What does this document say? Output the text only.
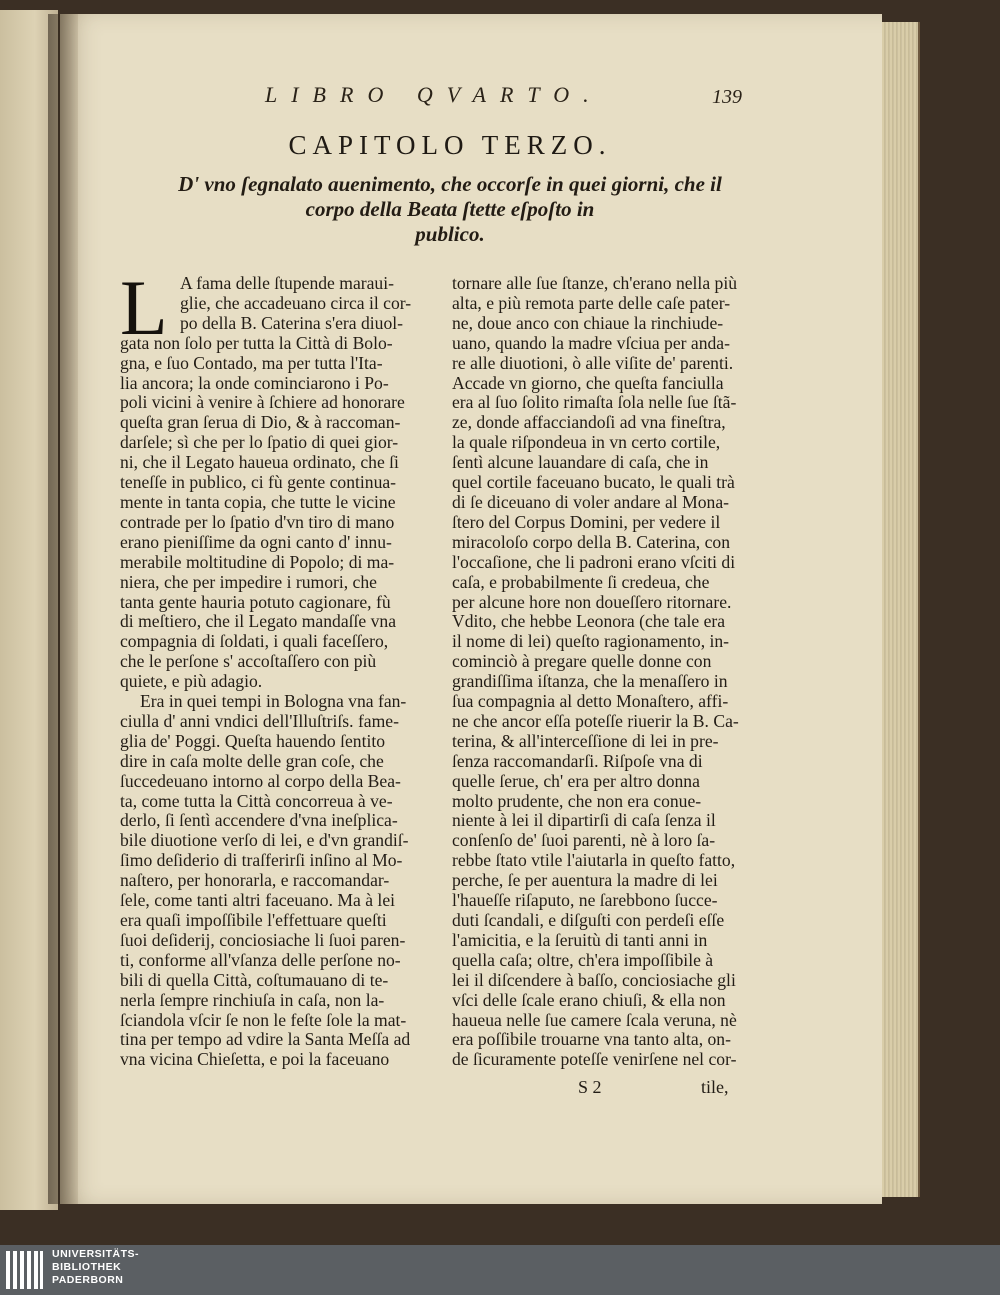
LIBRO QVARTO.	139
CAPITOLO TERZO.
D' vno ſegnalato auenimento, che occorſe in quei giorni, che il
corpo della Beata ſtette eſpoſto in
publico.
L A fama delle ſtupende marauі-
glie, che accadeuano circa il cor-
po della B. Caterina s'era diuol-
gata non ſolo per tutta la Città di Bolo-
gna, e ſuo Contado, ma per tutta l'Ita-
lia ancora; la onde cominciarono i Po-
poli vicini à venire à ſchiere ad honorare
queſta gran ſerua di Dio, & à raccoman-
darſele; sì che per lo ſpatio di quei gior-
ni, che il Legato haueua ordinato, che ſi
teneſſe in publico, ci fù gente continua-
mente in tanta copia, che tutte le vicine
contrade per lo ſpatio d'vn tiro di mano
erano pieniſſime da ogni canto d' innu-
merabile moltitudine di Popolo; di ma-
niera, che per impedire i rumori, che
tanta gente hauria potuto cagionare, fù
di meſtiero, che il Legato mandaſſe vna
compagnia di ſoldati, i quali faceſſero,
che le perſone s' accoſtaſſero con più
quiete, e più adagio.
Era in quei tempi in Bologna vna fan-
ciulla d' anni vndici dell'Illuſtriſs. fame-
glia de' Poggi. Queſta hauendo ſentito
dire in caſa molte delle gran coſe, che
ſuccedeuano intorno al corpo della Bea-
ta, come tutta la Città concorreua à ve-
derlo, ſi ſentì accendere d'vna ineſplica-
bile diuotione verſo di lei, e d'vn grandiſ-
ſimo deſiderio di traſferirſi inſino al Mo-
naſtero, per honorarla, e raccomandar-
ſele, come tanti altri faceuano. Ma à lei
era quaſi impoſſibile l'effettuare queſti
ſuoi deſiderij, conciosiache li ſuoi paren-
ti, conforme all'vſanza delle perſone no-
bili di quella Città, coſtumauano di te-
nerla ſempre rinchiuſa in caſa, non la-
ſciandola vſcir ſe non le feſte ſole la mat-
tina per tempo ad vdire la Santa Meſſa ad
vna vicina Chieſetta, e poi la faceuano
tornare alle ſue ſtanze, ch'erano nella più
alta, e più remota parte delle caſe pater-
ne, doue anco con chiaue la rinchiude-
uano, quando la madre vſciua per anda-
re alle diuotioni, ò alle viſite de' parenti.
Accade vn giorno, che queſta fanciulla
era al ſuo ſolito rimaſta ſola nelle ſue ſtã-
ze, donde affacciandoſi ad vna fineſtra,
la quale riſpondeua in vn certo cortile,
ſentì alcune lauandare di caſa, che in
quel cortile faceuano bucato, le quali trà
di ſe diceuano di voler andare al Mona-
ſtero del Corpus Domini, per vedere il
miracoloſo corpo della B. Caterina, con
l'occaſione, che li padroni erano vſciti di
caſa, e probabilmente ſi credeua, che
per alcune hore non doueſſero ritornare.
Vdito, che hebbe Leonora (che tale era
il nome di lei) queſto ragionamento, in-
cominciò à pregare quelle donne con
grandiſſima iſtanza, che la menaſſero in
ſua compagnia al detto Monaſtero, affi-
ne che ancor eſſa poteſſe riuerir la B. Ca-
terina, & all'interceſſione di lei in pre-
ſenza raccomandarſi. Riſpoſe vna di
quelle ſerue, ch' era per altro donna
molto prudente, che non era conue-
niente à lei il dipartirſi di caſa ſenza il
conſenſo de' ſuoi parenti, nè à loro ſa-
rebbe ſtato vtile l'aiutarla in queſto fatto,
perche, ſe per auentura la madre di lei
l'haueſſe riſaputo, ne ſarebbono ſucce-
duti ſcandali, e diſguſti con perdeſi eſſe
l'amicitia, e la ſeruitù di tanti anni in
quella caſa; oltre, ch'era impoſſibile à
lei il diſcendere à baſſo, conciosiache gli
vſci delle ſcale erano chiuſi, & ella non
haueua nelle ſue camere ſcala veruna, nè
era poſſibile trouarne vna tanto alta, on-
de ſicuramente poteſſe venirſene nel cor-
S 2	tile,
UNIVERSITÄTS-
BIBLIOTHEK
PADERBORN
